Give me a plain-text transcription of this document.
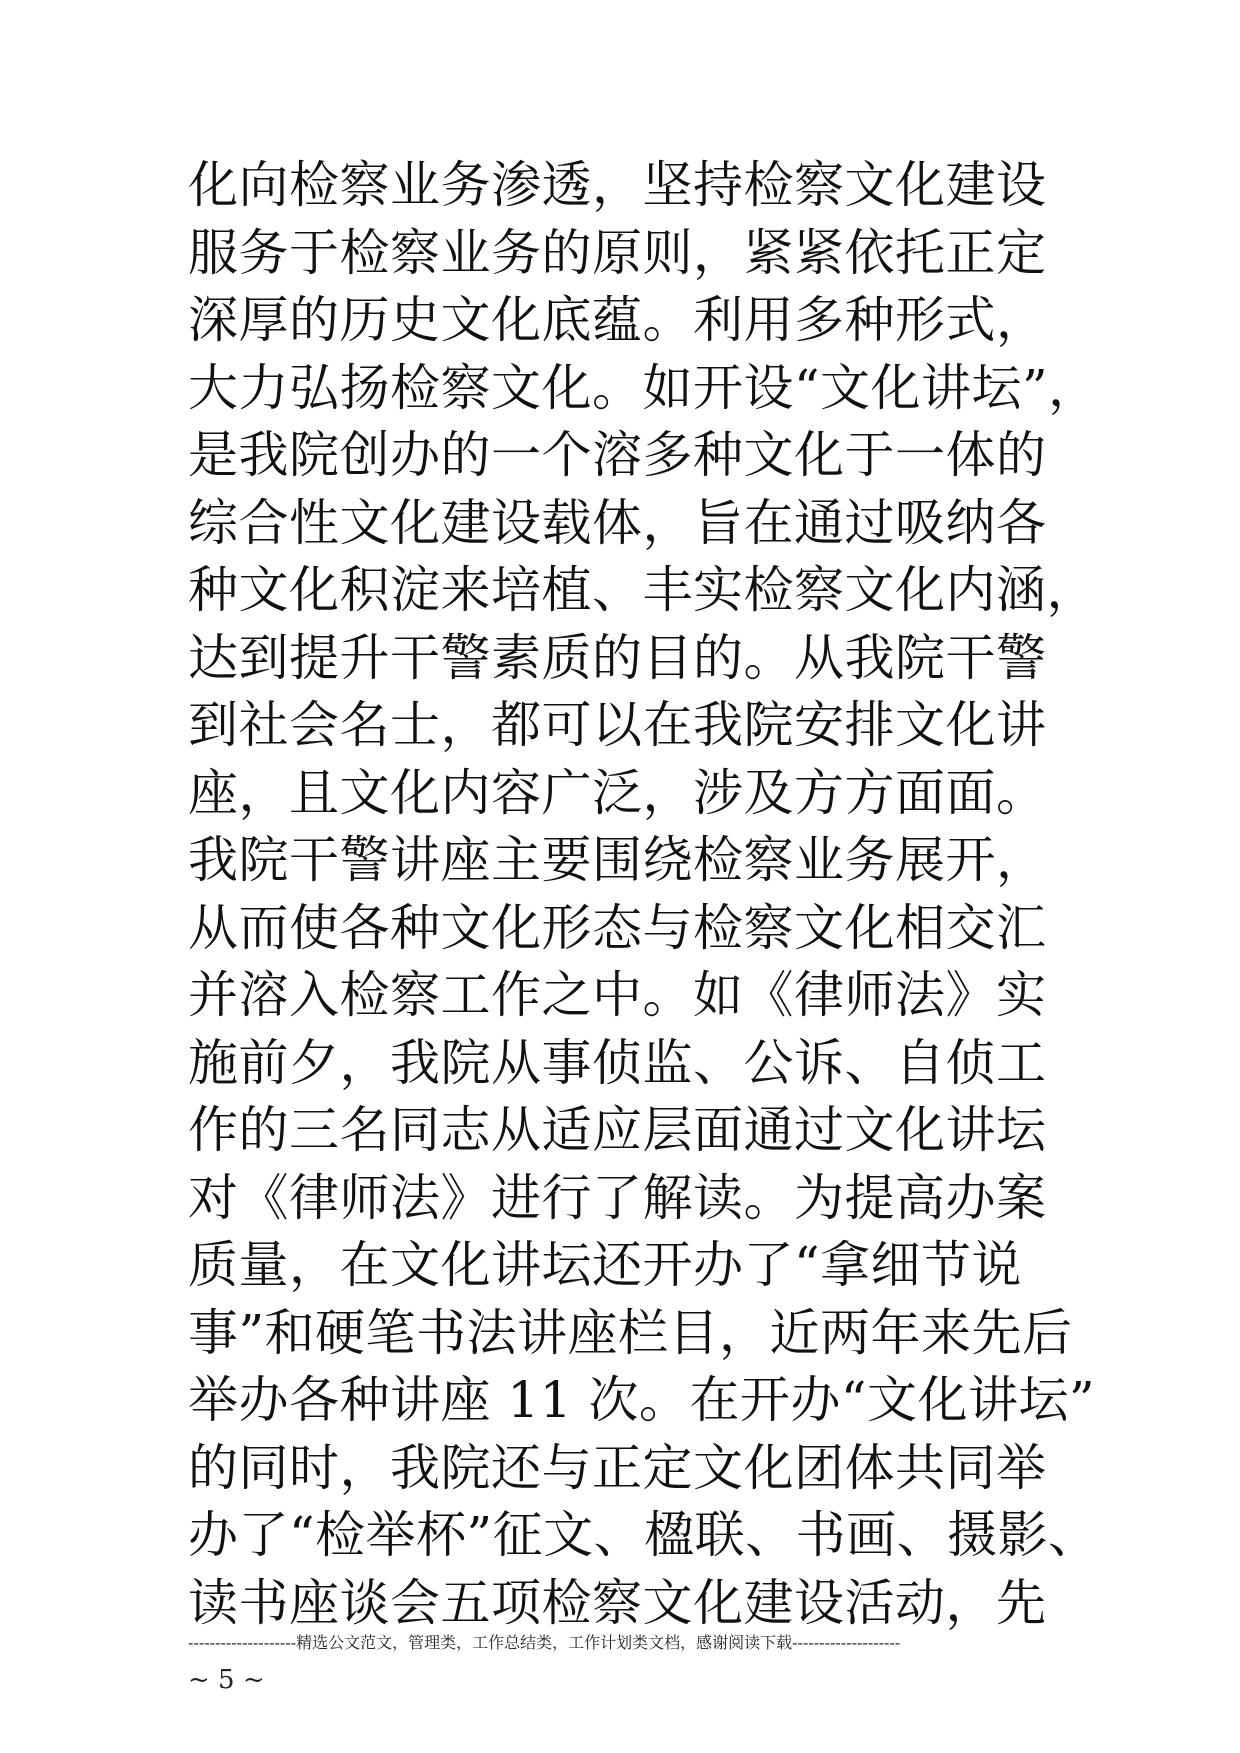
化向检察业务渗透，坚持检察文化建设
服务于检察业务的原则，紧紧依托正定
深厚的历史文化底蕴。利用多种形式，
大力弘扬检察文化。如开设“文化讲坛”，
是我院创办的一个溶多种文化于一体的
综合性文化建设载体，旨在通过吸纳各
种文化积淀来培植、丰实检察文化内涵，
达到提升干警素质的目的。从我院干警
到社会名士，都可以在我院安排文化讲
座，且文化内容广泛，涉及方方面面。
我院干警讲座主要围绕检察业务展开，
从而使各种文化形态与检察文化相交汇
并溶入检察工作之中。如《律师法》实
施前夕，我院从事侦监、公诉、自侦工
作的三名同志从适应层面通过文化讲坛
对《律师法》进行了解读。为提高办案
质量，在文化讲坛还开办了“拿细节说
事”和硬笔书法讲座栏目，近两年来先后
举办各种讲座 11 次。在开办“文化讲坛”
的同时，我院还与正定文化团体共同举
办了“检举杯”征文、楹联、书画、摄影、
读书座谈会五项检察文化建设活动，先
--------------------精选公文范文，管理类，工作总结类，工作计划类文档，感谢阅读下载--------------------
~ 5 ~
